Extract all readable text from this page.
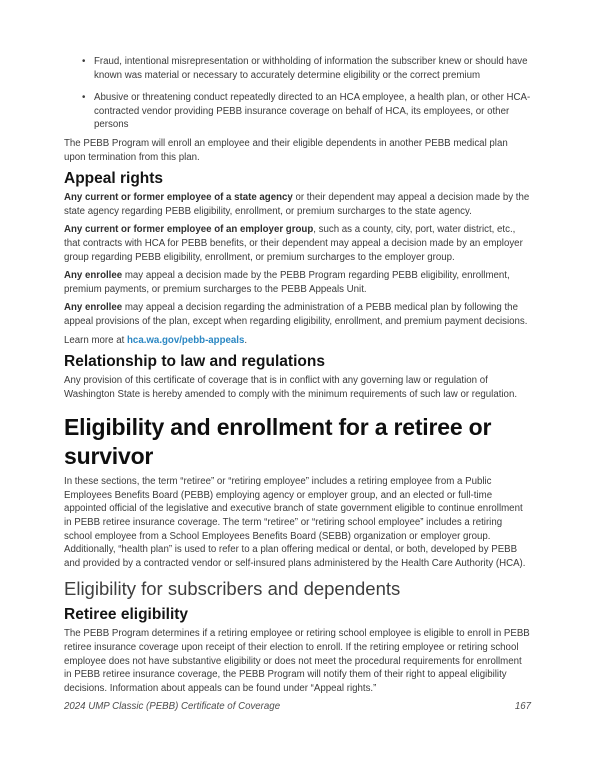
• Fraud, intentional misrepresentation or withholding of information the subscriber knew or should have known was material or necessary to accurately determine eligibility or the correct premium
• Abusive or threatening conduct repeatedly directed to an HCA employee, a health plan, or other HCA-contracted vendor providing PEBB insurance coverage on behalf of HCA, its employees, or other persons

The PEBB Program will enroll an employee and their eligible dependents in another PEBB medical plan upon termination from this plan.

Appeal rights

Any current or former employee of a state agency or their dependent may appeal a decision made by the state agency regarding PEBB eligibility, enrollment, or premium surcharges to the state agency.

Any current or former employee of an employer group, such as a county, city, port, water district, etc., that contracts with HCA for PEBB benefits, or their dependent may appeal a decision made by an employer group regarding PEBB eligibility, enrollment, or premium surcharges to the employer group.

Any enrollee may appeal a decision made by the PEBB Program regarding PEBB eligibility, enrollment, premium payments, or premium surcharges to the PEBB Appeals Unit.

Any enrollee may appeal a decision regarding the administration of a PEBB medical plan by following the appeal provisions of the plan, except when regarding eligibility, enrollment, and premium payment decisions.

Learn more at hca.wa.gov/pebb-appeals.

Relationship to law and regulations

Any provision of this certificate of coverage that is in conflict with any governing law or regulation of Washington State is hereby amended to comply with the minimum requirements of such law or regulation.

Eligibility and enrollment for a retiree or survivor

In these sections, the term “retiree” or “retiring employee” includes a retiring employee from a Public Employees Benefits Board (PEBB) employing agency or employer group, and an elected or full-time appointed official of the legislative and executive branch of state government eligible to continue enrollment in PEBB retiree insurance coverage. The term “retiree” or “retiring school employee” includes a retiring school employee from a School Employees Benefits Board (SEBB) organization or employer group. Additionally, “health plan” is used to refer to a plan offering medical or dental, or both, developed by PEBB and provided by a contracted vendor or self-insured plans administered by the Health Care Authority (HCA).

Eligibility for subscribers and dependents
Retiree eligibility

The PEBB Program determines if a retiring employee or retiring school employee is eligible to enroll in PEBB retiree insurance coverage upon receipt of their election to enroll. If the retiring employee or retiring school employee does not have substantive eligibility or does not meet the procedural requirements for enrollment in PEBB retiree insurance coverage, the PEBB Program will notify them of their right to appeal eligibility decisions. Information about appeals can be found under “Appeal rights.”

2024 UMP Classic (PEBB) Certificate of Coverage	167
